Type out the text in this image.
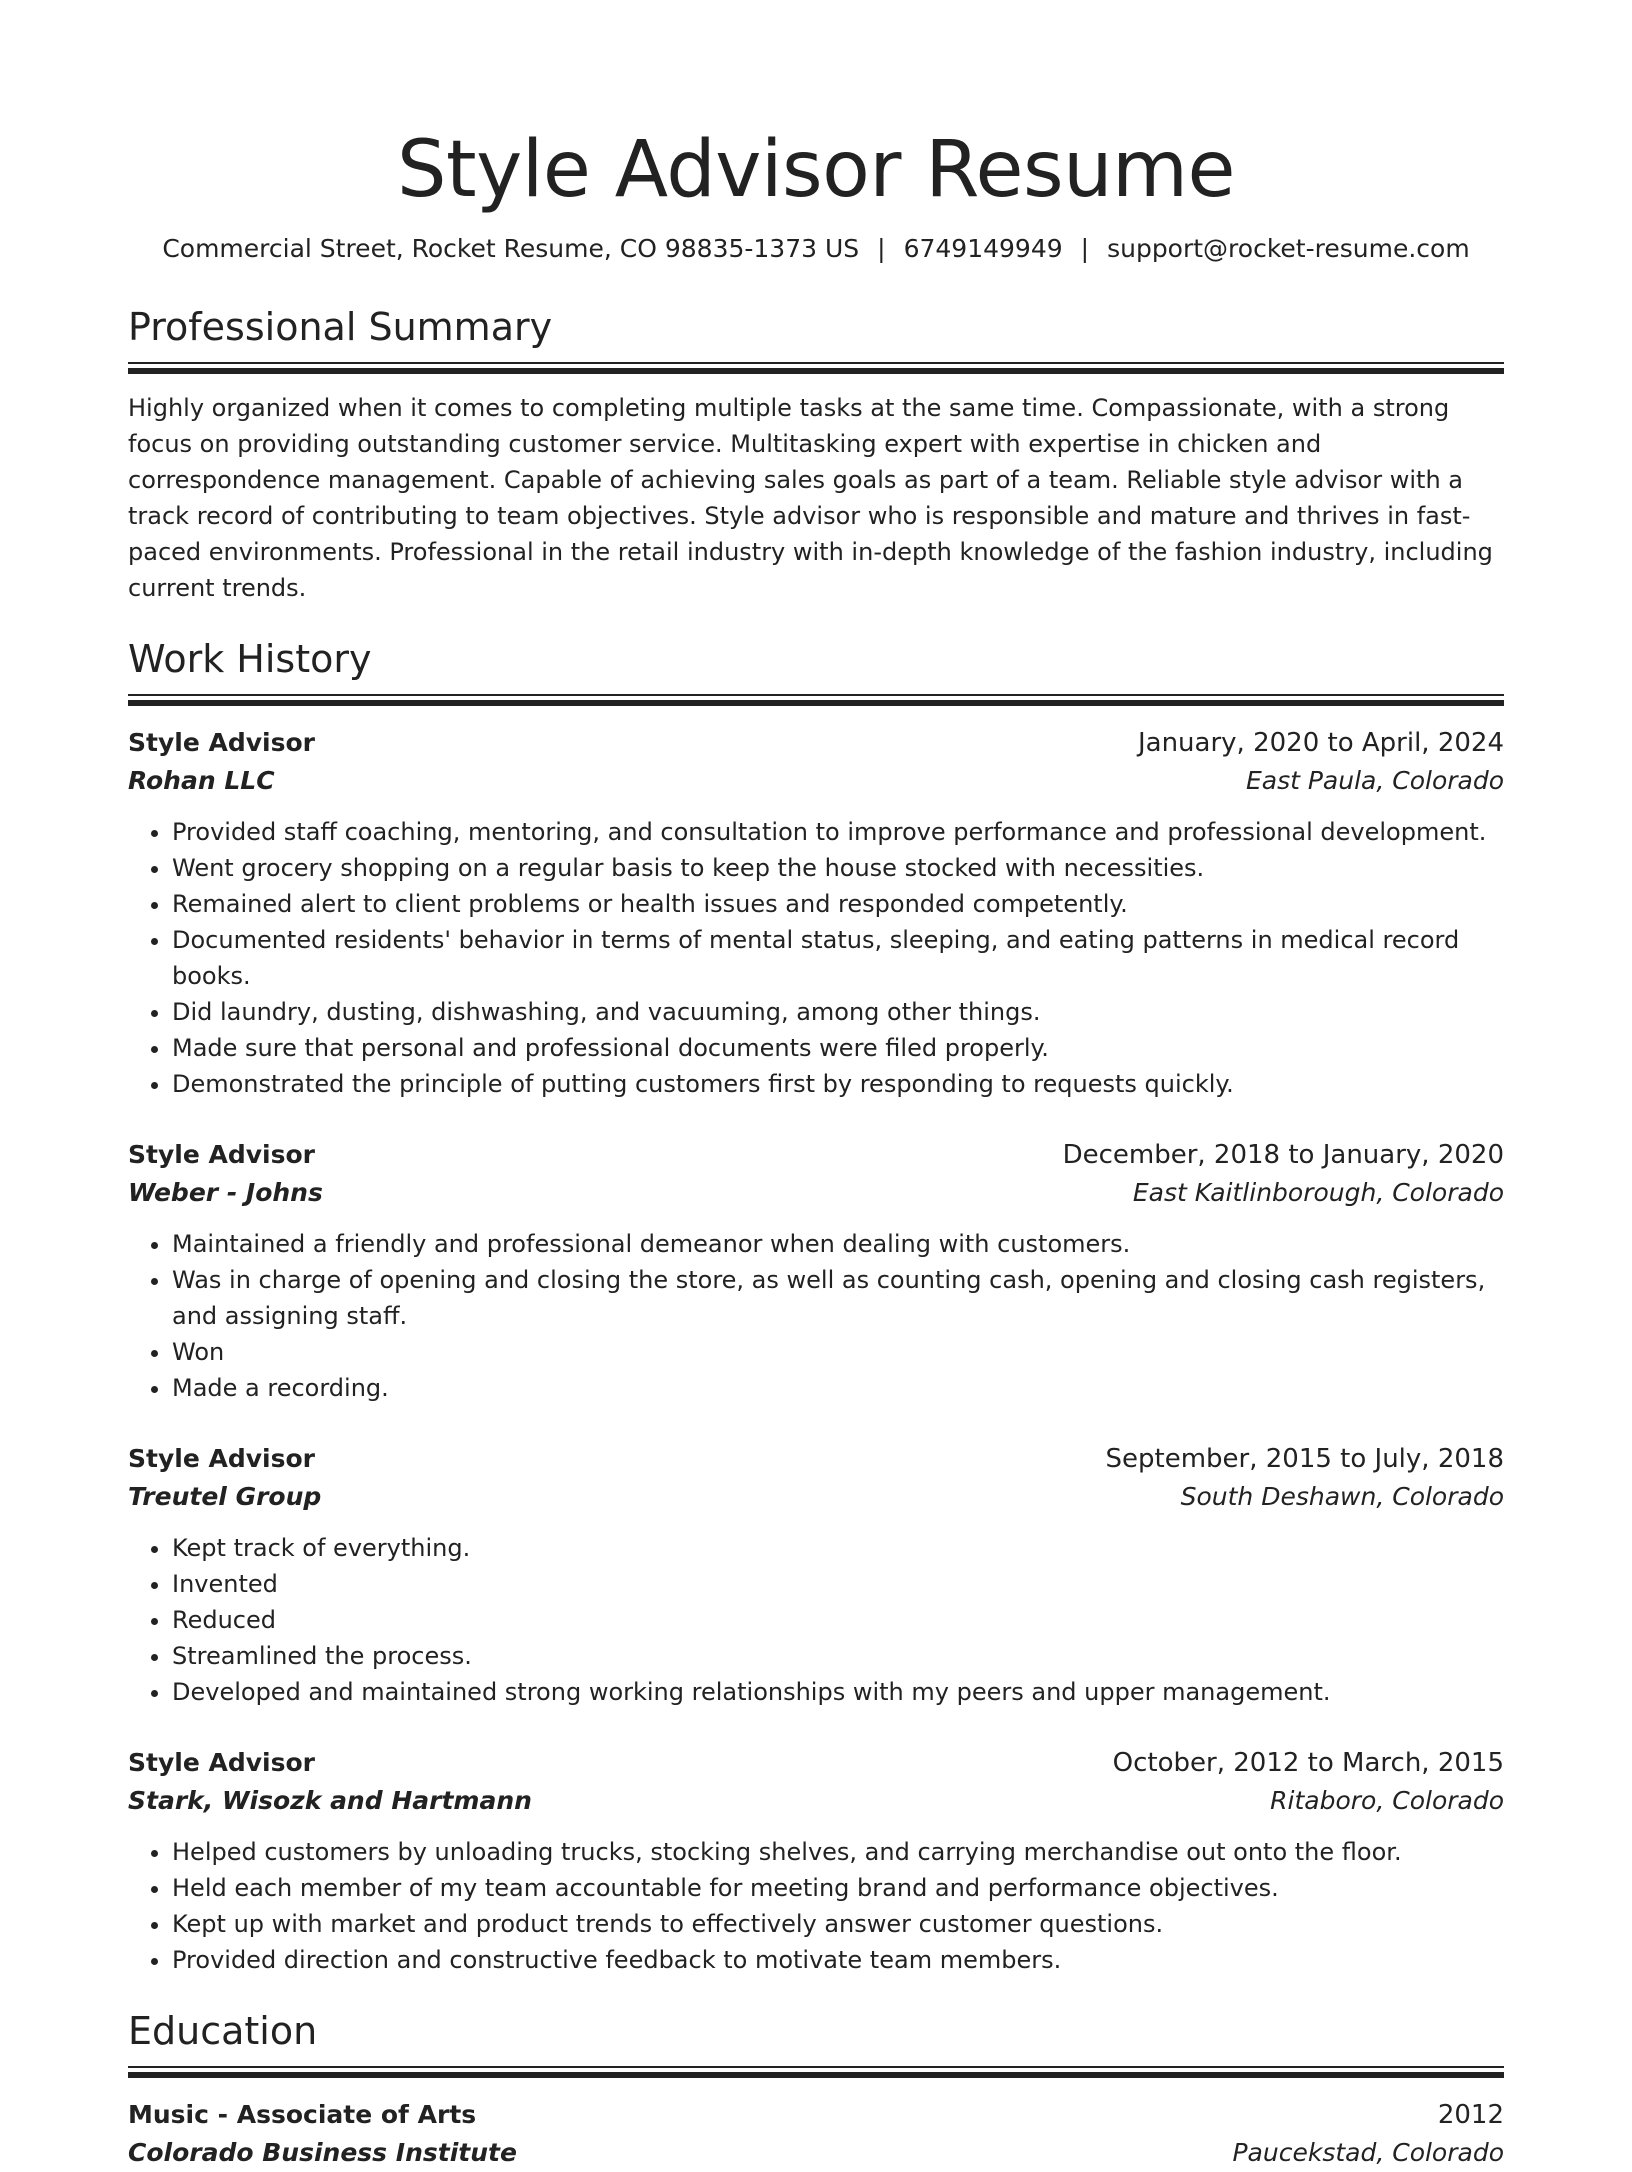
Style Advisor Resume
Commercial Street, Rocket Resume, CO 98835-1373 US | 6749149949 | support@rocket-resume.com
Professional Summary

Highly organized when it comes to completing multiple tasks at the same time. Compassionate, with a strong focus on providing outstanding customer service. Multitasking expert with expertise in chicken and correspondence management. Capable of achieving sales goals as part of a team. Reliable style advisor with a track record of contributing to team objectives. Style advisor who is responsible and mature and thrives in fast-paced environments. Professional in the retail industry with in-depth knowledge of the fashion industry, including current trends.

Work History
Style Advisor	January, 2020 to April, 2024
Rohan LLC	East Paula, Colorado
• Provided staff coaching, mentoring, and consultation to improve performance and professional development.
• Went grocery shopping on a regular basis to keep the house stocked with necessities.
• Remained alert to client problems or health issues and responded competently.
• Documented residents' behavior in terms of mental status, sleeping, and eating patterns in medical record books.
• Did laundry, dusting, dishwashing, and vacuuming, among other things.
• Made sure that personal and professional documents were filed properly.
• Demonstrated the principle of putting customers first by responding to requests quickly.
Style Advisor	December, 2018 to January, 2020
Weber - Johns	East Kaitlinborough, Colorado
• Maintained a friendly and professional demeanor when dealing with customers.
• Was in charge of opening and closing the store, as well as counting cash, opening and closing cash registers, and assigning staff.
• Won
• Made a recording.
Style Advisor	September, 2015 to July, 2018
Treutel Group	South Deshawn, Colorado
• Kept track of everything.
• Invented
• Reduced
• Streamlined the process.
• Developed and maintained strong working relationships with my peers and upper management.
Style Advisor	October, 2012 to March, 2015
Stark, Wisozk and Hartmann	Ritaboro, Colorado
• Helped customers by unloading trucks, stocking shelves, and carrying merchandise out onto the floor.
• Held each member of my team accountable for meeting brand and performance objectives.
• Kept up with market and product trends to effectively answer customer questions.
• Provided direction and constructive feedback to motivate team members.
Education
Music - Associate of Arts	2012
Colorado Business Institute	Paucekstad, Colorado
